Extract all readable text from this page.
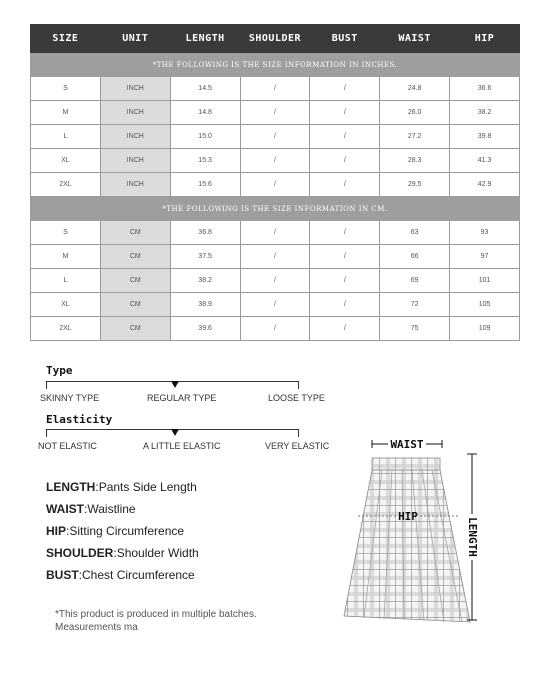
SIZE	UNIT	LENGTH	SHOULDER	BUST	WAIST	HIP
*THE FOLLOWING IS THE SIZE INFORMATION IN INCHES.						
S	INCH	14.5	/	/	24.8	36.6
M	INCH	14.8	/	/	26.0	38.2
L	INCH	15.0	/	/	27.2	39.8
XL	INCH	15.3	/	/	28.3	41.3
2XL	INCH	15.6	/	/	29.5	42.9
*THE FOLLOWING IS THE SIZE INFORMATION IN CM.						
S	CM	36.8	/	/	63	93
M	CM	37.5	/	/	66	97
L	CM	38.2	/	/	69	101
XL	CM	38.9	/	/	72	105
2XL	CM	39.6	/	/	75	109
Type
SKINNY TYPE	REGULAR TYPE	LOOSE TYPE
Elasticity
NOT ELASTIC	A LITTLE ELASTIC	VERY ELASTIC
LENGTH:Pants Side Length
WAIST:Waistline
HIP:Sitting Circumference
SHOULDER:Shoulder Width
BUST:Chest Circumference
*This product is produced in multiple batches.
Measurements ma
WAIST
HIP
LENGTH
